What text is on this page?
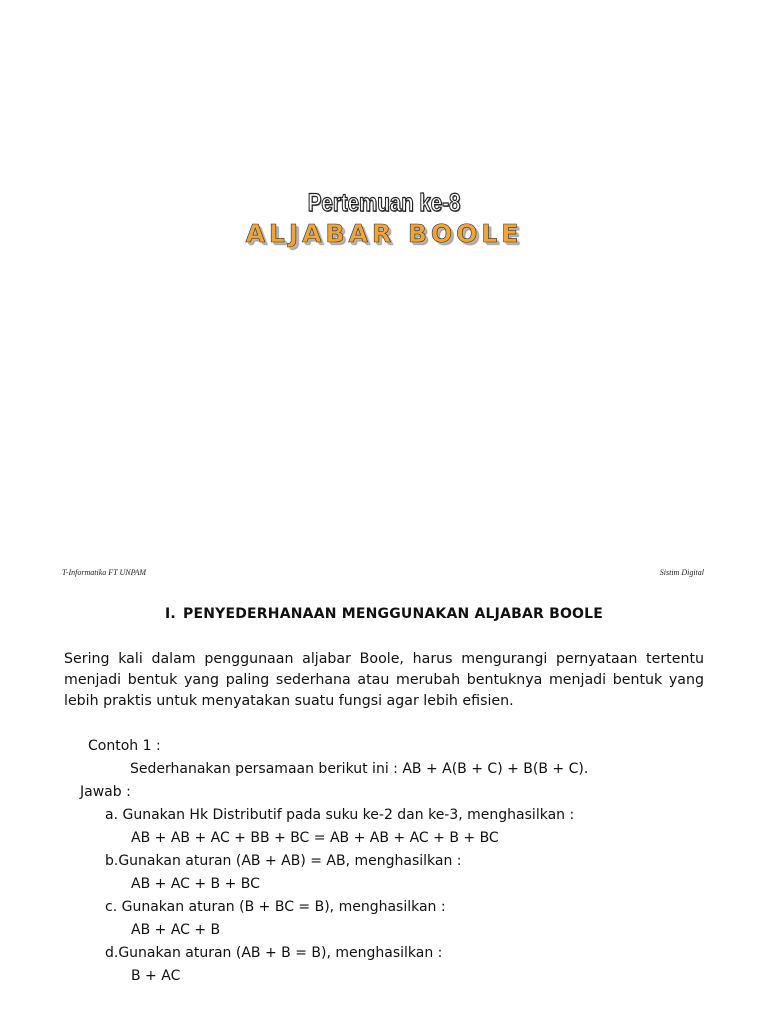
Pertemuan ke-8
ALJABAR BOOLE
T-Informatika FT UNPAM	Sistim Digital
I. PENYEDERHANAAN MENGGUNAKAN ALJABAR BOOLE
Sering kali dalam penggunaan aljabar Boole, harus mengurangi pernyataan tertentu menjadi bentuk yang paling sederhana atau merubah bentuknya menjadi bentuk yang lebih praktis untuk menyatakan suatu fungsi agar lebih efisien.
Contoh 1 :
Sederhanakan persamaan berikut ini : AB + A(B + C) + B(B + C).
Jawab :
a. Gunakan Hk Distributif pada suku ke-2 dan ke-3, menghasilkan :
AB + AB + AC + BB + BC = AB + AB + AC + B + BC
b.Gunakan aturan (AB + AB) = AB, menghasilkan :
AB + AC + B + BC
c. Gunakan aturan (B + BC = B), menghasilkan :
AB + AC + B
d.Gunakan aturan (AB + B = B), menghasilkan :
B + AC
